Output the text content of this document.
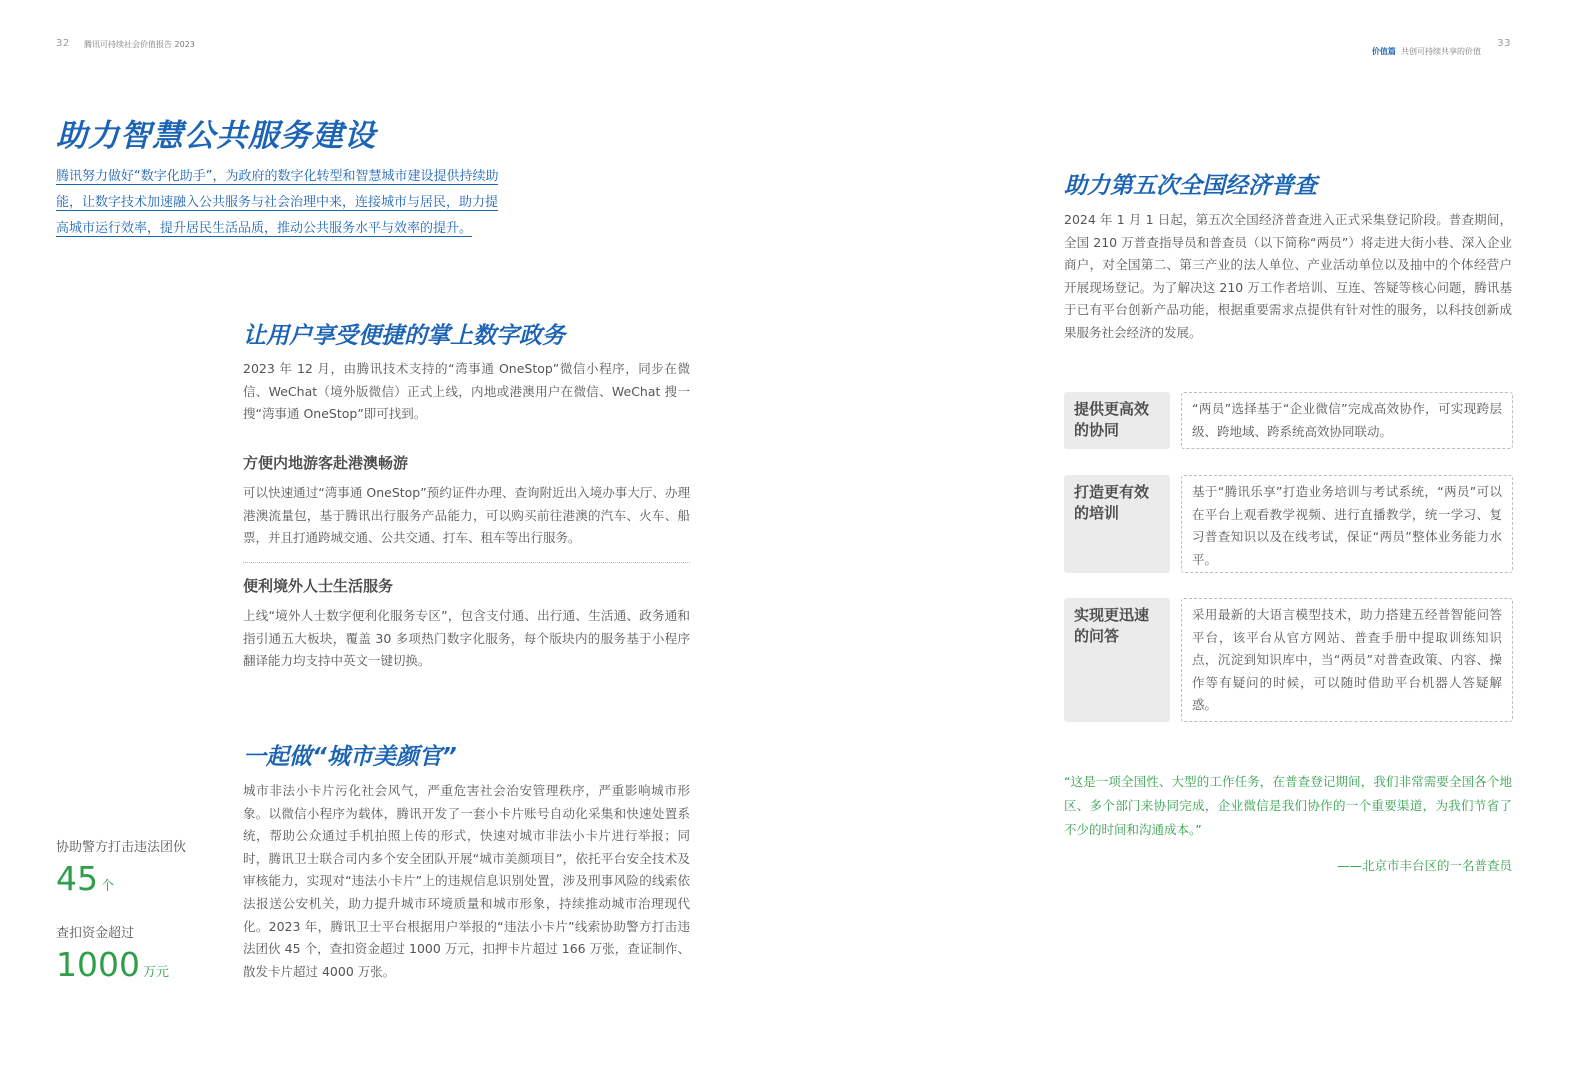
32 腾讯可持续社会价值报告 2023
价值篇 共创可持续共享的价值
33
助力智慧公共服务建设
腾讯努力做好“数字化助手”，为政府的数字化转型和智慧城市建设提供持续助
能，让数字技术加速融入公共服务与社会治理中来，连接城市与居民，助力提
高城市运行效率，提升居民生活品质，推动公共服务水平与效率的提升。
让用户享受便捷的掌上数字政务
2023 年 12 月，由腾讯技术支持的“湾事通 OneStop”微信小程序，同步在微信、WeChat（境外版微信）正式上线，内地或港澳用户在微信、WeChat 搜一搜“湾事通 OneStop”即可找到。
方便内地游客赴港澳畅游
可以快速通过“湾事通 OneStop”预约证件办理、查询附近出入境办事大厅、办理港澳流量包，基于腾讯出行服务产品能力，可以购买前往港澳的汽车、火车、船票，并且打通跨城交通、公共交通、打车、租车等出行服务。
便利境外人士生活服务
上线“境外人士数字便利化服务专区”，包含支付通、出行通、生活通、政务通和指引通五大板块，覆盖 30 多项热门数字化服务，每个版块内的服务基于小程序翻译能力均支持中英文一键切换。
一起做“城市美颜官”
城市非法小卡片污化社会风气，严重危害社会治安管理秩序，严重影响城市形象。以微信小程序为载体，腾讯开发了一套小卡片账号自动化采集和快速处置系统，帮助公众通过手机拍照上传的形式，快速对城市非法小卡片进行举报；同时，腾讯卫士联合司内多个安全团队开展“城市美颜项目”，依托平台安全技术及审核能力，实现对“违法小卡片”上的违规信息识别处置，涉及刑事风险的线索依法报送公安机关，助力提升城市环境质量和城市形象，持续推动城市治理现代化。2023 年，腾讯卫士平台根据用户举报的“违法小卡片”线索协助警方打击违法团伙 45 个，查扣资金超过 1000 万元，扣押卡片超过 166 万张，查证制作、散发卡片超过 4000 万张。
协助警方打击违法团伙
45 个
查扣资金超过
1000 万元
助力第五次全国经济普查
2024 年 1 月 1 日起，第五次全国经济普查进入正式采集登记阶段。普查期间，全国 210 万普查指导员和普查员（以下简称“两员”）将走进大街小巷、深入企业商户，对全国第二、第三产业的法人单位、产业活动单位以及抽中的个体经营户开展现场登记。为了解决这 210 万工作者培训、互连、答疑等核心问题，腾讯基于已有平台创新产品功能，根据重要需求点提供有针对性的服务，以科技创新成果服务社会经济的发展。
提供更高效的协同
“两员”选择基于“企业微信”完成高效协作，可实现跨层级、跨地域、跨系统高效协同联动。
打造更有效的培训
基于“腾讯乐享”打造业务培训与考试系统，“两员”可以在平台上观看教学视频、进行直播教学，统一学习、复习普查知识以及在线考试，保证“两员”整体业务能力水平。
实现更迅速的问答
采用最新的大语言模型技术，助力搭建五经普智能问答平台，该平台从官方网站、普查手册中提取训练知识点，沉淀到知识库中，当“两员”对普查政策、内容、操作等有疑问的时候，可以随时借助平台机器人答疑解惑。
“这是一项全国性、大型的工作任务，在普查登记期间，我们非常需要全国各个地区、多个部门来协同完成，企业微信是我们协作的一个重要渠道，为我们节省了不少的时间和沟通成本。”
——北京市丰台区的一名普查员
